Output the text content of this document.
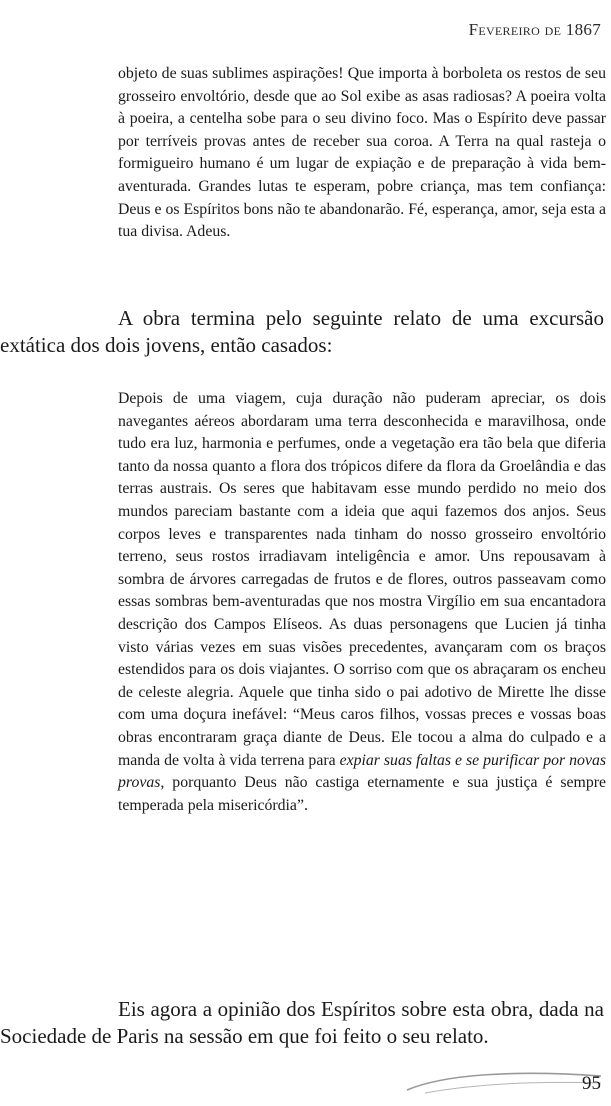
Fevereiro de 1867

objeto de suas sublimes aspirações! Que importa à borboleta os restos de seu grosseiro envoltório, desde que ao Sol exibe as asas radiosas? A poeira volta à poeira, a centelha sobe para o seu divino foco. Mas o Espírito deve passar por terríveis provas antes de receber sua coroa. A Terra na qual rasteja o formigueiro humano é um lugar de expiação e de preparação à vida bem-aventurada. Grandes lutas te esperam, pobre criança, mas tem confiança: Deus e os Espíritos bons não te abandonarão. Fé, esperança, amor, seja esta a tua divisa. Adeus.

A obra termina pelo seguinte relato de uma excursão extática dos dois jovens, então casados:

Depois de uma viagem, cuja duração não puderam apreciar, os dois navegantes aéreos abordaram uma terra desconhecida e maravilhosa, onde tudo era luz, harmonia e perfumes, onde a vegetação era tão bela que diferia tanto da nossa quanto a flora dos trópicos difere da flora da Groelândia e das terras austrais. Os seres que habitavam esse mundo perdido no meio dos mundos pareciam bastante com a ideia que aqui fazemos dos anjos. Seus corpos leves e transparentes nada tinham do nosso grosseiro envoltório terreno, seus rostos irradiavam inteligência e amor. Uns repousavam à sombra de árvores carregadas de frutos e de flores, outros passeavam como essas sombras bem-aventuradas que nos mostra Virgílio em sua encantadora descrição dos Campos Elíseos. As duas personagens que Lucien já tinha visto várias vezes em suas visões precedentes, avançaram com os braços estendidos para os dois viajantes. O sorriso com que os abraçaram os encheu de celeste alegria. Aquele que tinha sido o pai adotivo de Mirette lhe disse com uma doçura inefável: “Meus caros filhos, vossas preces e vossas boas obras encontraram graça diante de Deus. Ele tocou a alma do culpado e a manda de volta à vida terrena para expiar suas faltas e se purificar por novas provas, porquanto Deus não castiga eternamente e sua justiça é sempre temperada pela misericórdia”.

Eis agora a opinião dos Espíritos sobre esta obra, dada na Sociedade de Paris na sessão em que foi feito o seu relato.

95
